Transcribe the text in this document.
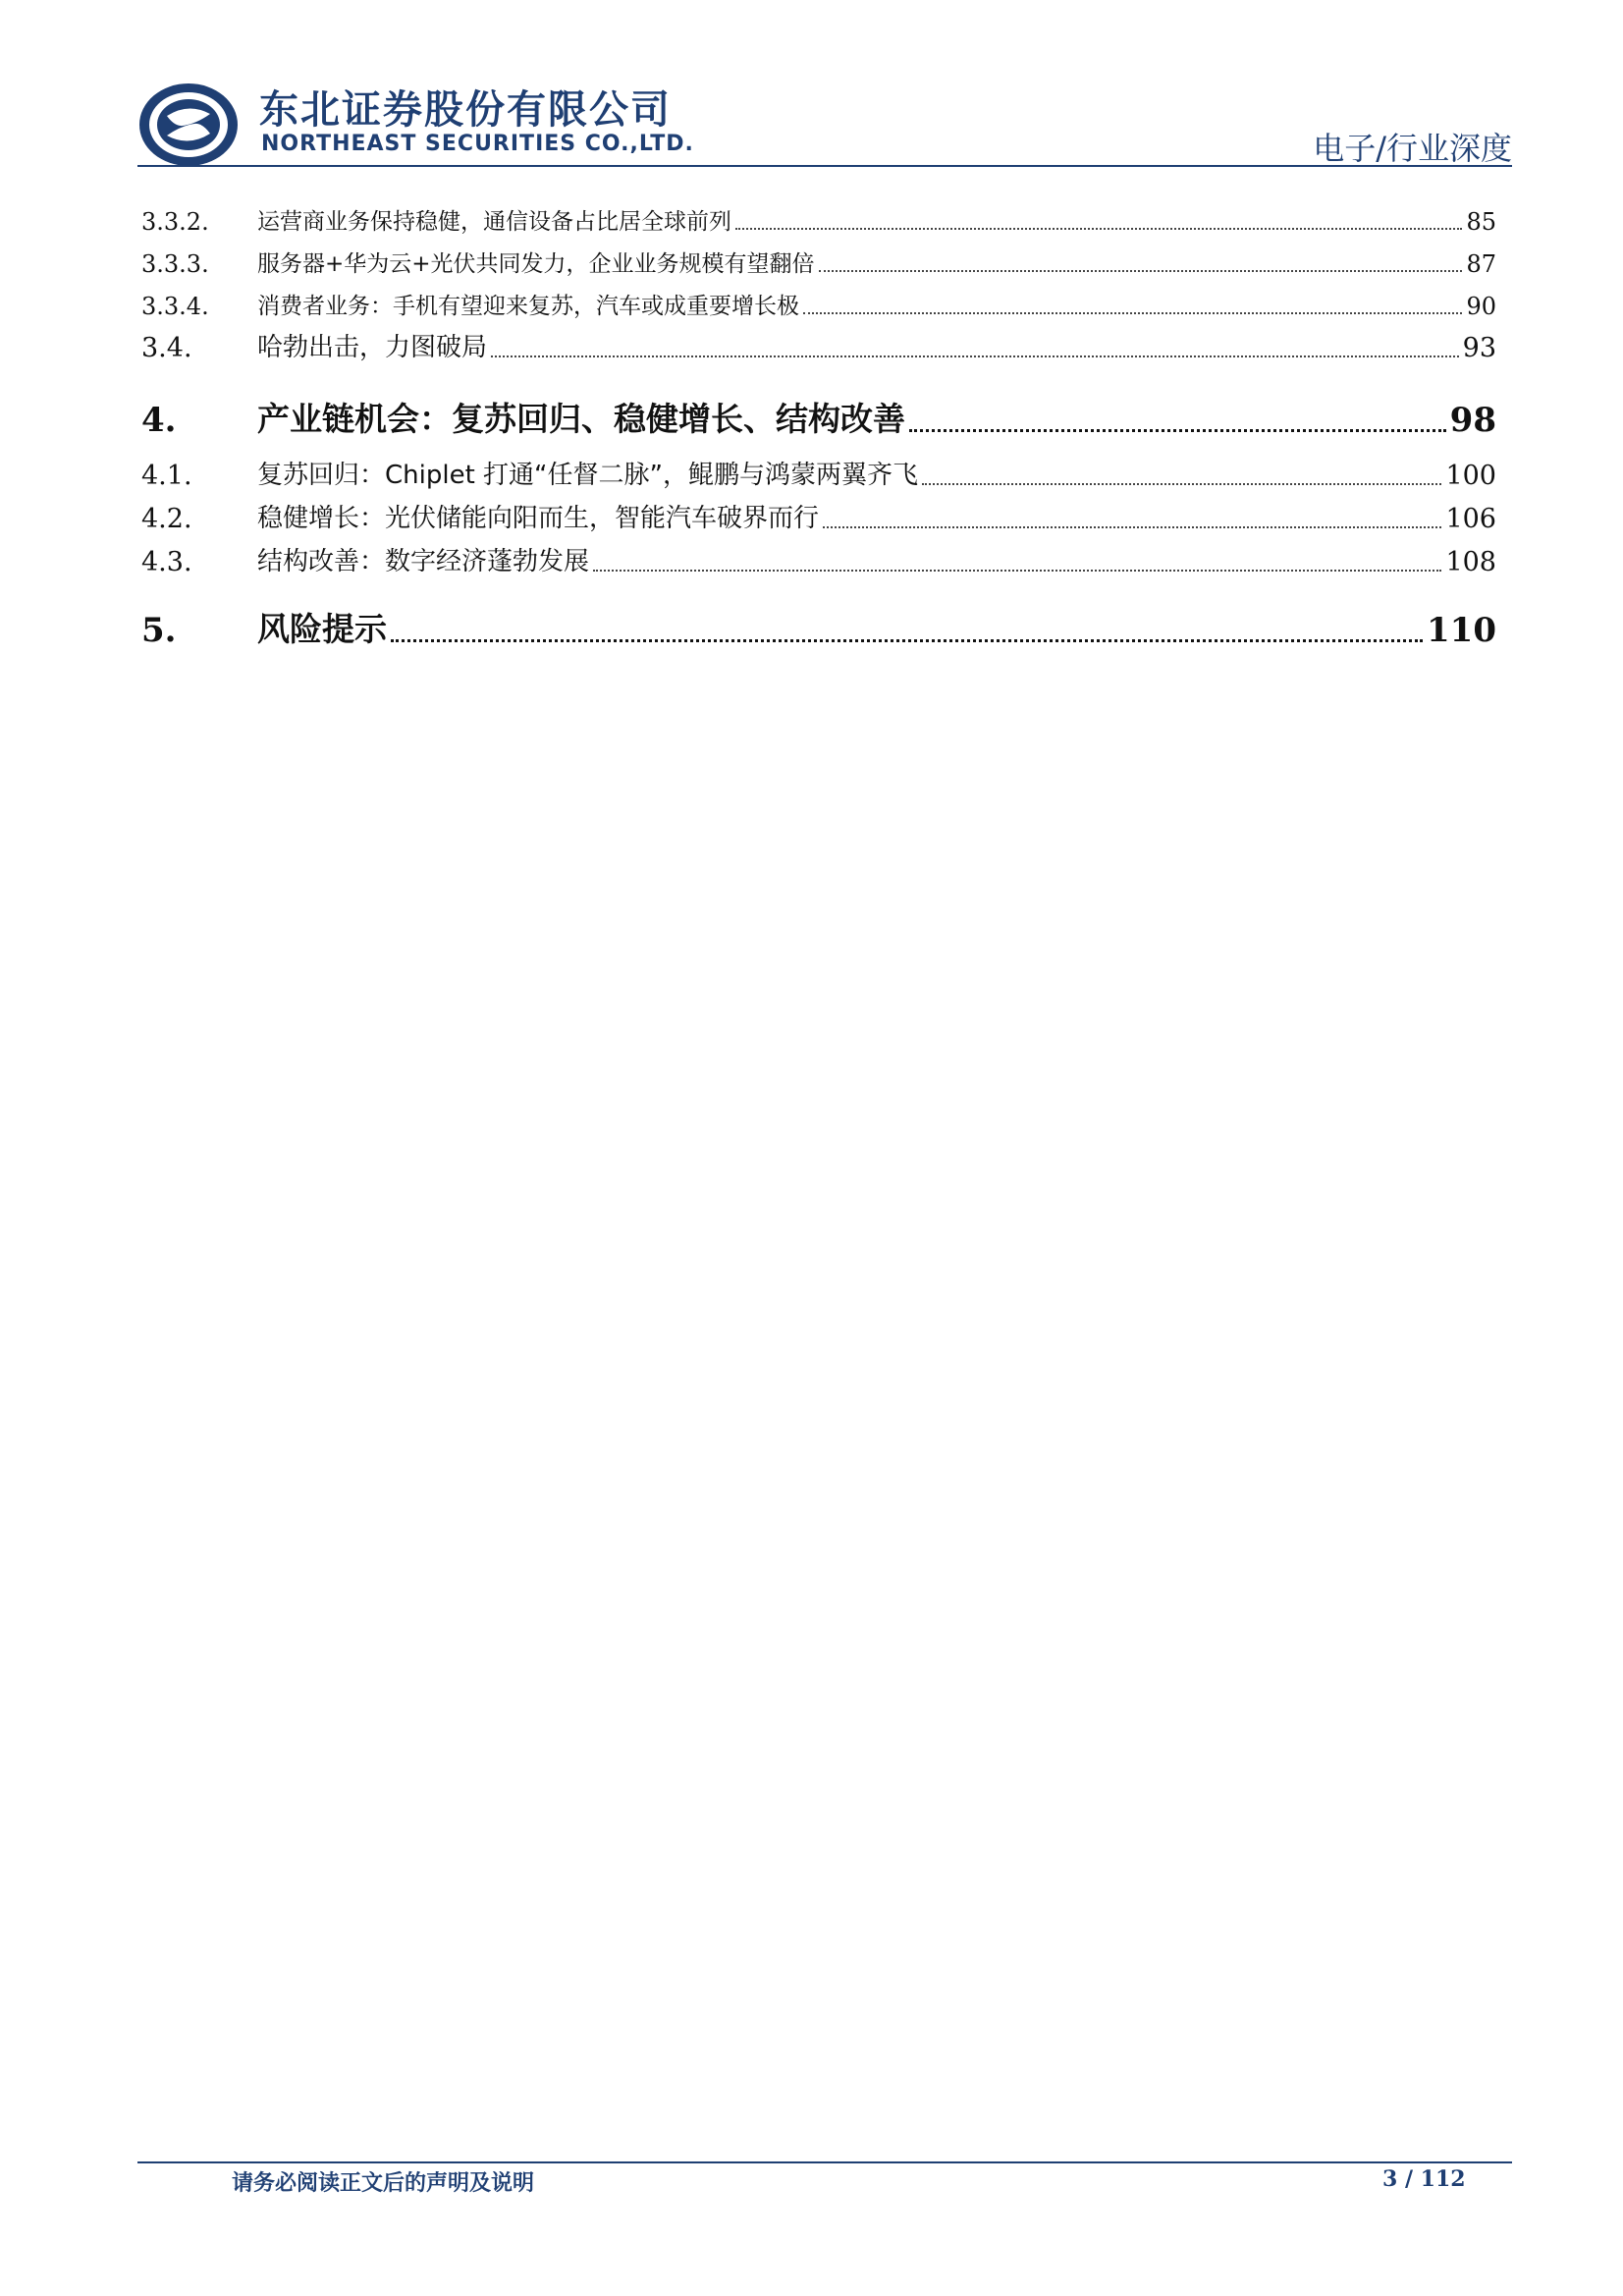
东北证券股份有限公司
NORTHEAST SECURITIES CO.,LTD.	电子/行业深度
3.3.2.	运营商业务保持稳健，通信设备占比居全球前列	85
3.3.3.	服务器+华为云+光伏共同发力，企业业务规模有望翻倍	87
3.3.4.	消费者业务：手机有望迎来复苏，汽车或成重要增长极	90
3.4.	哈勃出击，力图破局	93
4.	产业链机会：复苏回归、稳健增长、结构改善	98
4.1.	复苏回归：Chiplet 打通“任督二脉”，鲲鹏与鸿蒙两翼齐飞	100
4.2.	稳健增长：光伏储能向阳而生，智能汽车破界而行	106
4.3.	结构改善：数字经济蓬勃发展	108
5.	风险提示	110
请务必阅读正文后的声明及说明	3 / 112
